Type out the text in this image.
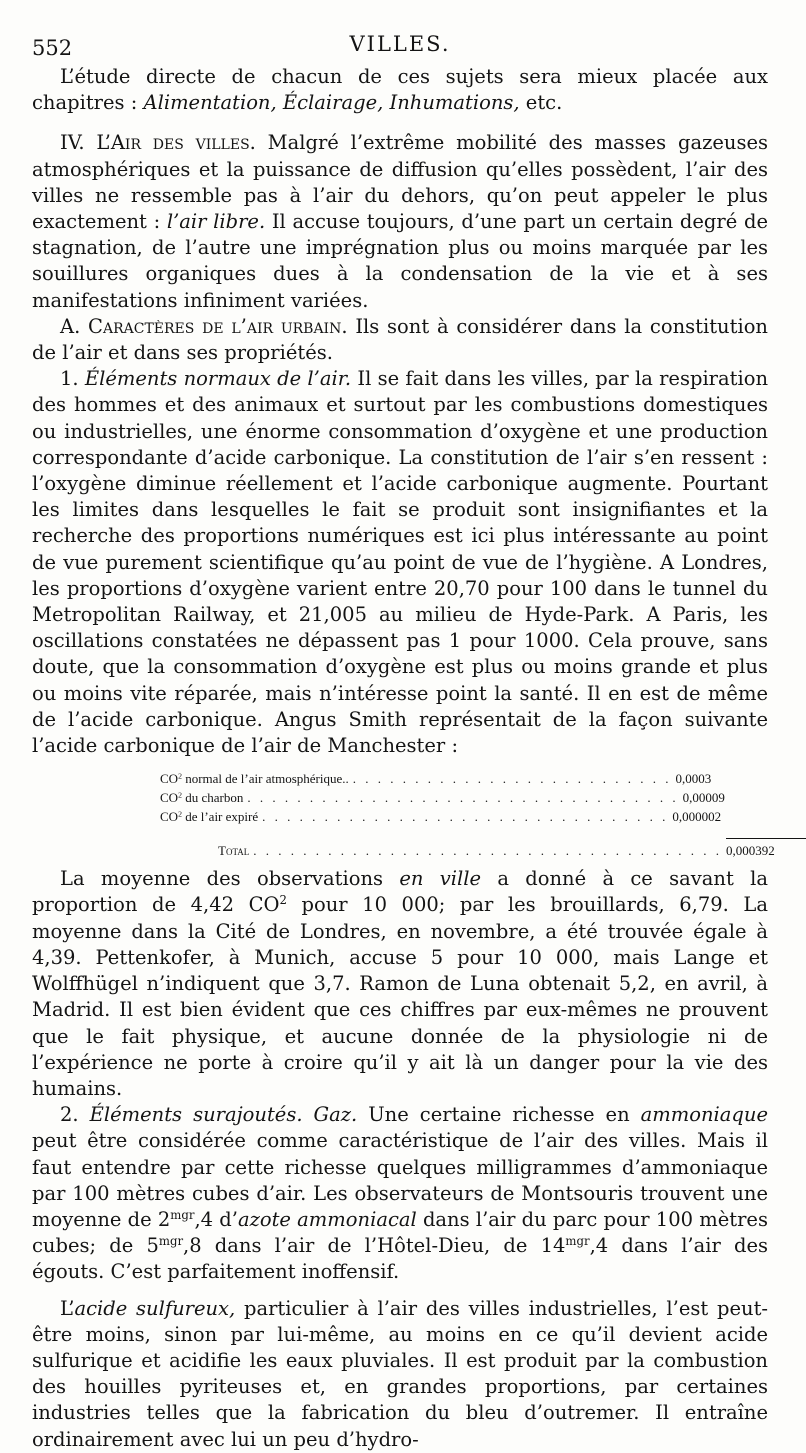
552	VILLES.

L’étude directe de chacun de ces sujets sera mieux placée aux chapitres : Alimentation, Éclairage, Inhumations, etc.

IV. L’Air des villes. Malgré l’extrême mobilité des masses gazeuses atmosphériques et la puissance de diffusion qu’elles possèdent, l’air des villes ne ressemble pas à l’air du dehors, qu’on peut appeler le plus exactement : l’air libre. Il accuse toujours, d’une part un certain degré de stagnation, de l’autre une imprégnation plus ou moins marquée par les souillures organiques dues à la condensation de la vie et à ses manifestations infiniment variées.

A. Caractères de l’air urbain. Ils sont à considérer dans la constitution de l’air et dans ses propriétés.

1. Éléments normaux de l’air. Il se fait dans les villes, par la respiration des hommes et des animaux et surtout par les combustions domestiques ou industrielles, une énorme consommation d’oxygène et une production correspondante d’acide carbonique. La constitution de l’air s’en ressent : l’oxygène diminue réellement et l’acide carbonique augmente. Pourtant les limites dans lesquelles le fait se produit sont insignifiantes et la recherche des proportions numériques est ici plus intéressante au point de vue purement scientifique qu’au point de vue de l’hygiène. A Londres, les proportions d’oxygène varient entre 20,70 pour 100 dans le tunnel du Metropolitan Railway, et 21,005 au milieu de Hyde-Park. A Paris, les oscillations constatées ne dépassent pas 1 pour 1000. Cela prouve, sans doute, que la consommation d’oxygène est plus ou moins grande et plus ou moins vite réparée, mais n’intéresse point la santé. Il en est de même de l’acide carbonique. Angus Smith représentait de la façon suivante l’acide carbonique de l’air de Manchester :

$CO^2$ normal de l’air atmosphérique.. . . . . . . . . . . . . . . . . . . . . . . . . . . 0,0003
$CO^2$ du charbon . . . . . . . . . . . . . . . . . . . . . . . . . . . . . . . . . . . 0,00009
$CO^2$ de l’air expiré . . . . . . . . . . . . . . . . . . . . . . . . . . . . . . . . . 0,000002
Total . . . . . . . . . . . . . . . . . . . . . . . . . . . . . . . . . . . . . . 0,000392

La moyenne des observations en ville a donné à ce savant la proportion de 4,42 $CO^2$ pour 10 000; par les brouillards, 6,79. La moyenne dans la Cité de Londres, en novembre, a été trouvée égale à 4,39. Pettenkofer, à Munich, accuse 5 pour 10 000, mais Lange et Wolffhügel n’indiquent que 3,7. Ramon de Luna obtenait 5,2, en avril, à Madrid. Il est bien évident que ces chiffres par eux-mêmes ne prouvent que le fait physique, et aucune donnée de la physiologie ni de l’expérience ne porte à croire qu’il y ait là un danger pour la vie des humains.

2. Éléments surajoutés. Gaz. Une certaine richesse en ammoniaque peut être considérée comme caractéristique de l’air des villes. Mais il faut entendre par cette richesse quelques milligrammes d’ammoniaque par 100 mètres cubes d’air. Les observateurs de Montsouris trouvent une moyenne de $2^{mgr},4$ d’azote ammoniacal dans l’air du parc pour 100 mètres cubes; de $5^{mgr},8$ dans l’air de l’Hôtel-Dieu, de $14^{mgr},4$ dans l’air des égouts. C’est parfaitement inoffensif.

L’acide sulfureux, particulier à l’air des villes industrielles, l’est peut-être moins, sinon par lui-même, au moins en ce qu’il devient acide sulfurique et acidifie les eaux pluviales. Il est produit par la combustion des houilles pyriteuses et, en grandes proportions, par certaines industries telles que la fabrication du bleu d’outremer. Il entraîne ordinairement avec lui un peu d’hydro-
